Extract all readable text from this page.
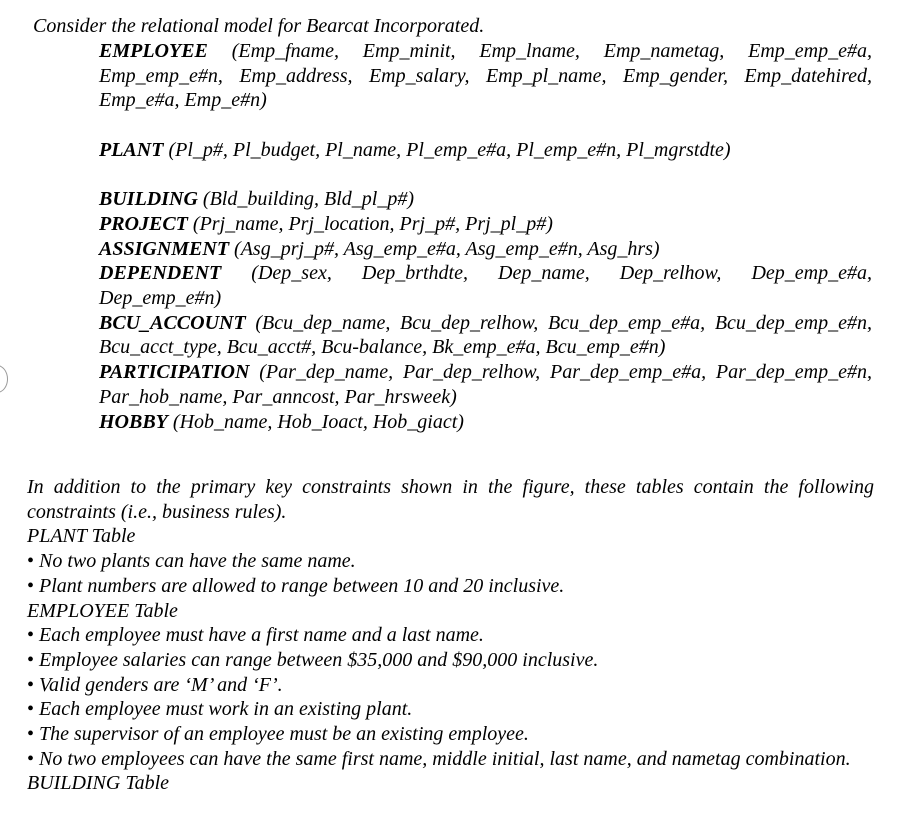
Consider the relational model for Bearcat Incorporated.

EMPLOYEE (Emp_fname, Emp_minit, Emp_lname, Emp_nametag, Emp_emp_e#a, Emp_emp_e#n, Emp_address, Emp_salary, Emp_pl_name, Emp_gender, Emp_datehired, Emp_e#a, Emp_e#n)

PLANT (Pl_p#, Pl_budget, Pl_name, Pl_emp_e#a, Pl_emp_e#n, Pl_mgrstdte)

BUILDING (Bld_building, Bld_pl_p#)

PROJECT (Prj_name, Prj_location, Prj_p#, Prj_pl_p#)

ASSIGNMENT (Asg_prj_p#, Asg_emp_e#a, Asg_emp_e#n, Asg_hrs)

DEPENDENT (Dep_sex, Dep_brthdte, Dep_name, Dep_relhow, Dep_emp_e#a, Dep_emp_e#n)

BCU_ACCOUNT (Bcu_dep_name, Bcu_dep_relhow, Bcu_dep_emp_e#a, Bcu_dep_emp_e#n, Bcu_acct_type, Bcu_acct#, Bcu-balance, Bk_emp_e#a, Bcu_emp_e#n)

PARTICIPATION (Par_dep_name, Par_dep_relhow, Par_dep_emp_e#a, Par_dep_emp_e#n, Par_hob_name, Par_anncost, Par_hrsweek)

HOBBY (Hob_name, Hob_Ioact, Hob_giact)

In addition to the primary key constraints shown in the figure, these tables contain the following constraints (i.e., business rules).

PLANT Table

• No two plants can have the same name.

• Plant numbers are allowed to range between 10 and 20 inclusive.

EMPLOYEE Table

• Each employee must have a first name and a last name.

• Employee salaries can range between $35,000 and $90,000 inclusive.

• Valid genders are ‘M’ and ‘F’.

• Each employee must work in an existing plant.

• The supervisor of an employee must be an existing employee.

• No two employees can have the same first name, middle initial, last name, and nametag combination.

BUILDING Table
